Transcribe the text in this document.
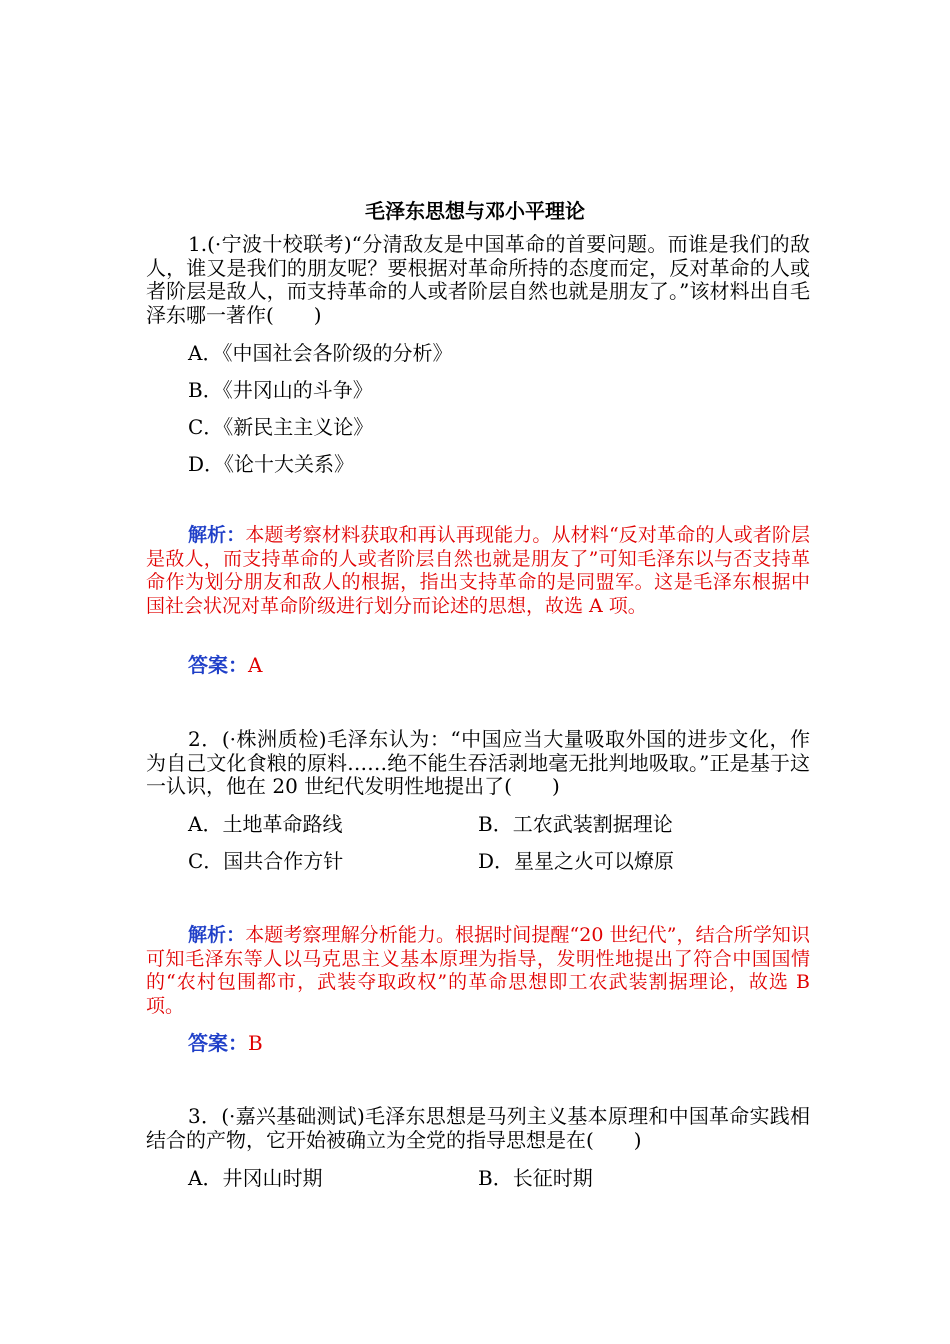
毛泽东思想与邓小平理论
1.(·宁波十校联考)“分清敌友是中国革命的首要问题。而谁是我们的敌人，谁又是我们的朋友呢？要根据对革命所持的态度而定，反对革命的人或者阶层是敌人，而支持革命的人或者阶层自然也就是朋友了。”该材料出自毛泽东哪一著作(　　)
A．《中国社会各阶级的分析》
B．《井冈山的斗争》
C．《新民主主义论》
D．《论十大关系》
解析：本题考察材料获取和再认再现能力。从材料“反对革命的人或者阶层是敌人，而支持革命的人或者阶层自然也就是朋友了”可知毛泽东以与否支持革命作为划分朋友和敌人的根据，指出支持革命的是同盟军。这是毛泽东根据中国社会状况对革命阶级进行划分而论述的思想，故选 A 项。
答案：A
2．(·株洲质检)毛泽东认为：“中国应当大量吸取外国的进步文化，作为自己文化食粮的原料……绝不能生吞活剥地毫无批判地吸取。”正是基于这一认识，他在 20 世纪代发明性地提出了(　　)
A．土地革命路线	B．工农武装割据理论
C．国共合作方针	D．星星之火可以燎原
解析：本题考察理解分析能力。根据时间提醒“20 世纪代”，结合所学知识可知毛泽东等人以马克思主义基本原理为指导，发明性地提出了符合中国国情的“农村包围都市，武装夺取政权”的革命思想即工农武装割据理论，故选 B 项。
答案：B
3．(·嘉兴基础测试)毛泽东思想是马列主义基本原理和中国革命实践相结合的产物，它开始被确立为全党的指导思想是在(　　)
A．井冈山时期	B．长征时期
